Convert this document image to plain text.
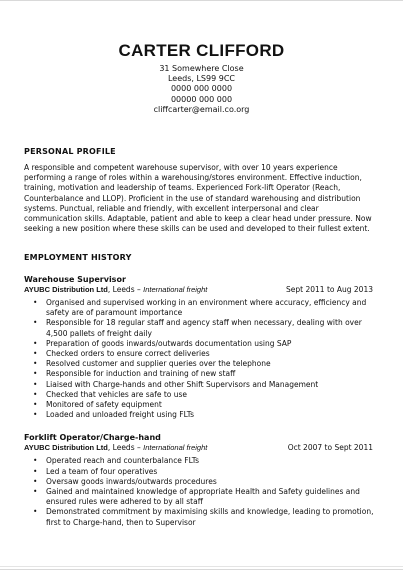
CARTER CLIFFORD
31 Somewhere Close
Leeds, LS99 9CC
0000 000 0000
00000 000 000
cliffcarter@email.co.org
PERSONAL PROFILE
A responsible and competent warehouse supervisor, with over 10 years experience performing a range of roles within a warehousing/stores environment. Effective induction, training, motivation and leadership of teams. Experienced Fork-lift Operator (Reach, Counterbalance and LLOP). Proficient in the use of standard warehousing and distribution systems. Punctual, reliable and friendly, with excellent interpersonal and clear communication skills. Adaptable, patient and able to keep a clear head under pressure. Now seeking a new position where these skills can be used and developed to their fullest extent.
EMPLOYMENT HISTORY
Warehouse Supervisor
AYUBC Distribution Ltd, Leeds – International freight	Sept 2011 to Aug 2013
• Organised and supervised working in an environment where accuracy, efficiency and safety are of paramount importance
• Responsible for 18 regular staff and agency staff when necessary, dealing with over 4,500 pallets of freight daily
• Preparation of goods inwards/outwards documentation using SAP
• Checked orders to ensure correct deliveries
• Resolved customer and supplier queries over the telephone
• Responsible for induction and training of new staff
• Liaised with Charge-hands and other Shift Supervisors and Management
• Checked that vehicles are safe to use
• Monitored of safety equipment
• Loaded and unloaded freight using FLTs
Forklift Operator/Charge-hand
AYUBC Distribution Ltd, Leeds – International freight	Oct 2007 to Sept 2011
• Operated reach and counterbalance FLTs
• Led a team of four operatives
• Oversaw goods inwards/outwards procedures
• Gained and maintained knowledge of appropriate Health and Safety guidelines and ensured rules were adhered to by all staff
• Demonstrated commitment by maximising skills and knowledge, leading to promotion, first to Charge-hand, then to Supervisor
